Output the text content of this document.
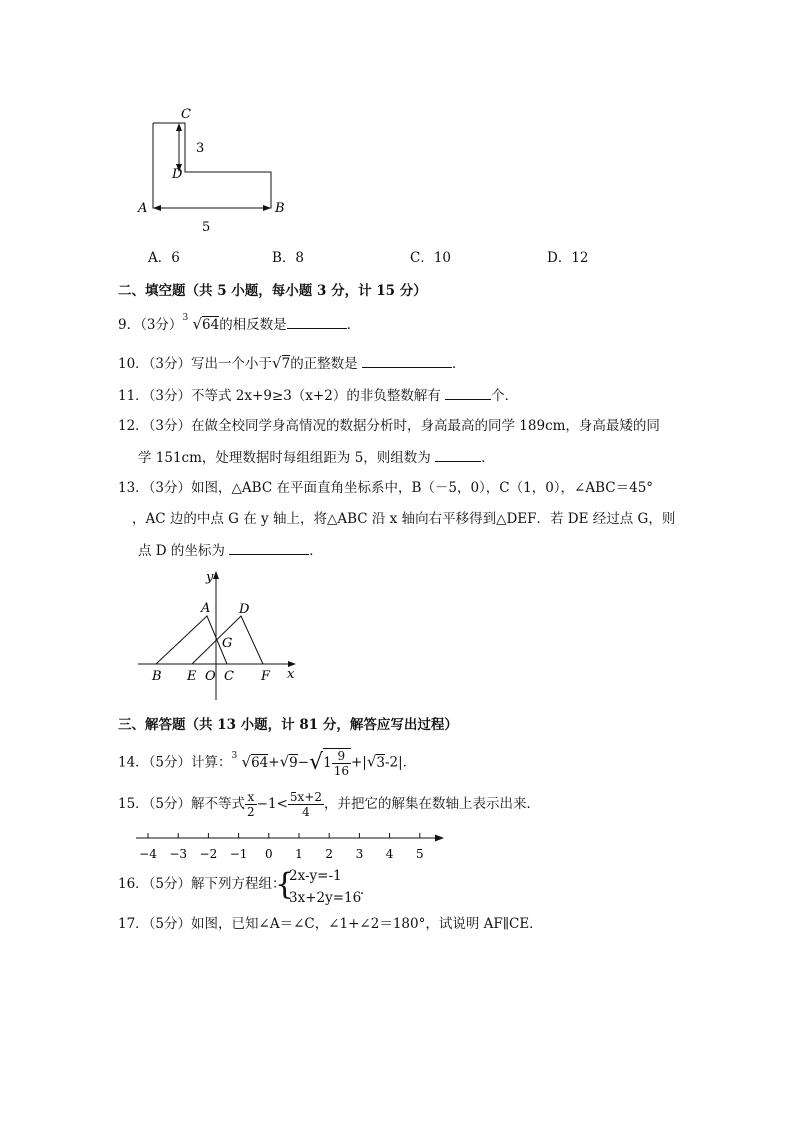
C
D
A	B
3
5
A．6	B．8	C．10	D．12
二、填空题（共 5 小题，每小题 3 分，计 15 分）
9．（3分） 3 √64的相反数是	．
10．（3分）写出一个小于√7的正整数是	．
11．（3分）不等式 2x+9≥3（x+2）的非负整数解有	个．
12．（3分）在做全校同学身高情况的数据分析时，身高最高的同学 189cm，身高最矮的同
学 151cm，处理数据时每组组距为 5，则组数为	．
13．（3分）如图，△ABC 在平面直角坐标系中，B（－5，0），C（1，0），∠ABC＝45°
，AC 边的中点 G 在 y 轴上，将△ABC 沿 x 轴向右平移得到△DEF．若 DE 经过点 G，则
点 D 的坐标为	．
y
x
A D
G
B E O C F
三、解答题（共 13 小题，计 81 分，解答应写出过程）
14．（5分）计算： 3 $√64+√9-√1 \frac{9}{16} +|√3-2|$．
15．（5分）解不等式 $\frac{x}{2} -1< \frac{5x+2}{4}$ ，并把它的解集在数轴上表示出来．
−4 −3 −2 −1 0 1 2 3 4 5
16．（5分）解下列方程组：
{
2x-y=-1
3x+2y=16
．
17．（5分）如图，已知∠A＝∠C，∠1+∠2＝180°，试说明 AF∥CE．
